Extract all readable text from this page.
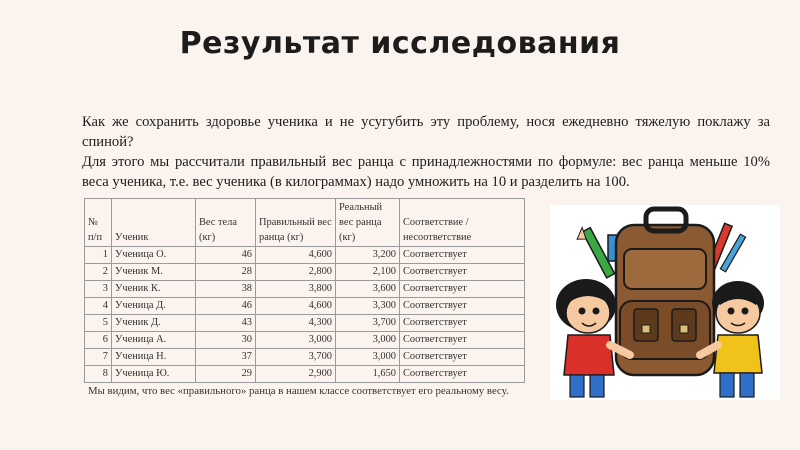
Результат исследования

Как же сохранить здоровье ученика и не усугубить эту проблему, нося ежедневно тяжелую поклажу за спиной?

Для этого мы рассчитали правильный вес ранца с принадлежностями по формуле: вес ранца меньше 10% веса ученика, т.е. вес ученика (в килограммах) надо умножить на 10 и разделить на 100.

№ п/п	Ученик	Вес тела (кг)	Правильный вес ранца (кг)	Реальный вес ранца (кг)	Соответствие /несоответствие
1	Ученица О.	46	4,600	3,200	Соответствует
2	Ученик М.	28	2,800	2,100	Соответствует
3	Ученик К.	38	3,800	3,600	Соответствует
4	Ученица Д.	46	4,600	3,300	Соответствует
5	Ученик Д.	43	4,300	3,700	Соответствует
6	Ученица А.	30	3,000	3,000	Соответствует
7	Ученица Н.	37	3,700	3,000	Соответствует
8	Ученица Ю.	29	2,900	1,650	Соответствует
Мы видим, что вес «правильного» ранца в нашем классе соответствует его реальному весу.
